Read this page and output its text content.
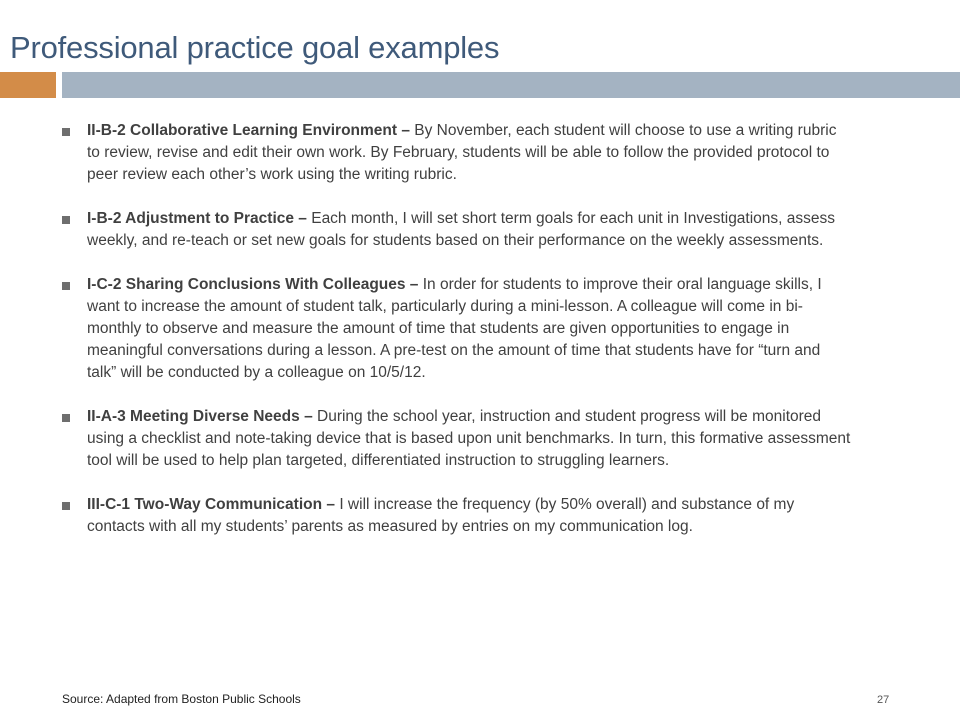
Professional practice goal examples
II-B-2 Collaborative Learning Environment – By November, each student will choose to use a writing rubric to review, revise and edit their own work. By February, students will be able to follow the provided protocol to peer review each other’s work using the writing rubric.
I-B-2 Adjustment to Practice – Each month, I will set short term goals for each unit in Investigations, assess weekly, and re-teach or set new goals for students based on their performance on the weekly assessments.
I-C-2 Sharing Conclusions With Colleagues – In order for students to improve their oral language skills, I want to increase the amount of student talk, particularly during a mini-lesson. A colleague will come in bi-monthly to observe and measure the amount of time that students are given opportunities to engage in meaningful conversations during a lesson. A pre-test on the amount of time that students have for “turn and talk” will be conducted by a colleague on 10/5/12.
II-A-3 Meeting Diverse Needs – During the school year, instruction and student progress will be monitored using a checklist and note-taking device that is based upon unit benchmarks. In turn, this formative assessment tool will be used to help plan targeted, differentiated instruction to struggling learners.
III-C-1 Two-Way Communication – I will increase the frequency (by 50% overall) and substance of my contacts with all my students’ parents as measured by entries on my communication log.
Source: Adapted from Boston Public Schools	27
